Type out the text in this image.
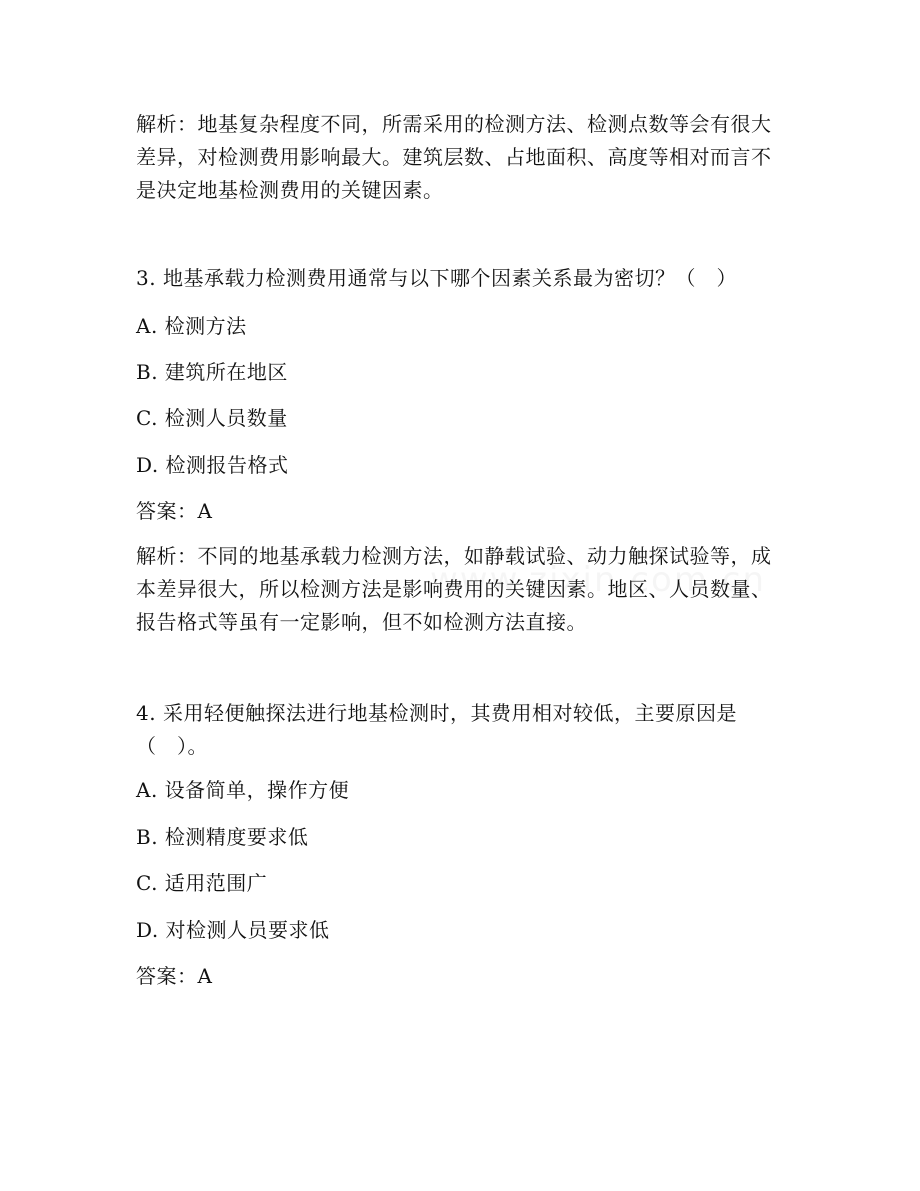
解析：地基复杂程度不同，所需采用的检测方法、检测点数等会有很大差异，对检测费用影响最大。建筑层数、占地面积、高度等相对而言不是决定地基检测费用的关键因素。

3. 地基承载力检测费用通常与以下哪个因素关系最为密切？（　）

A. 检测方法

B. 建筑所在地区

C. 检测人员数量

D. 检测报告格式

答案：A

解析：不同的地基承载力检测方法，如静载试验、动力触探试验等，成本差异很大，所以检测方法是影响费用的关键因素。地区、人员数量、报告格式等虽有一定影响，但不如检测方法直接。

4. 采用轻便触探法进行地基检测时，其费用相对较低，主要原因是（　）。

A. 设备简单，操作方便

B. 检测精度要求低

C. 适用范围广

D. 对检测人员要求低

答案：A
